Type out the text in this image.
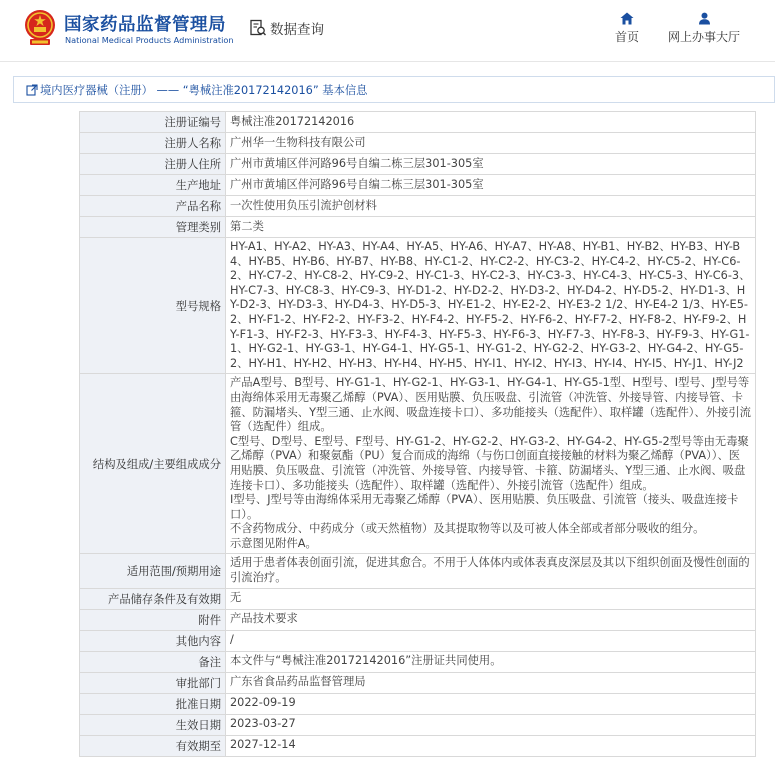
国家药品监督管理局
National Medical Products Administration
数据查询	首页	网上办事大厅
境内医疗器械（注册） —— “粤械注准20172142016” 基本信息
注册证编号	粤械注准20172142016
注册人名称	广州华一生物科技有限公司
注册人住所	广州市黄埔区伴河路96号自编二栋三层301-305室
生产地址	广州市黄埔区伴河路96号自编二栋三层301-305室
产品名称	一次性使用负压引流护创材料
管理类别	第二类
型号规格	HY-A1、HY-A2、HY-A3、HY-A4、HY-A5、HY-A6、HY-A7、HY-A8、HY-B1、HY-B2、HY-B3、HY-B4、HY-B5、HY-B6、HY-B7、HY-B8、HY-C1-2、HY-C2-2、HY-C3-2、HY-C4-2、HY-C5-2、HY-C6-2、HY-C7-2、HY-C8-2、HY-C9-2、HY-C1-3、HY-C2-3、HY-C3-3、HY-C4-3、HY-C5-3、HY-C6-3、HY-C7-3、HY-C8-3、HY-C9-3、HY-D1-2、HY-D2-2、HY-D3-2、HY-D4-2、HY-D5-2、HY-D1-3、HY-D2-3、HY-D3-3、HY-D4-3、HY-D5-3、HY-E1-2、HY-E2-2、HY-E3-2 1/2、HY-E4-2 1/3、HY-E5-2、HY-F1-2、HY-F2-2、HY-F3-2、HY-F4-2、HY-F5-2、HY-F6-2、HY-F7-2、HY-F8-2、HY-F9-2、HY-F1-3、HY-F2-3、HY-F3-3、HY-F4-3、HY-F5-3、HY-F6-3、HY-F7-3、HY-F8-3、HY-F9-3、HY-G1-1、HY-G2-1、HY-G3-1、HY-G4-1、HY-G5-1、HY-G1-2、HY-G2-2、HY-G3-2、HY-G4-2、HY-G5-2、HY-H1、HY-H2、HY-H3、HY-H4、HY-H5、HY-I1、HY-I2、HY-I3、HY-I4、HY-I5、HY-J1、HY-J2
结构及组成/主要组成成分	产品A型号、B型号、HY-G1-1、HY-G2-1、HY-G3-1、HY-G4-1、HY-G5-1型、H型号、I型号、J型号等由海绵体采用无毒聚乙烯醇（PVA）、医用贴膜、负压吸盘、引流管（冲洗管、外接导管、内接导管、卡箍、防漏堵头、Y型三通、止水阀、吸盘连接卡口）、多功能接头（选配件）、取样罐（选配件）、外接引流管（选配件）组成。
C型号、D型号、E型号、F型号、HY-G1-2、HY-G2-2、HY-G3-2、HY-G4-2、HY-G5-2型号等由无毒聚乙烯醇（PVA）和聚氨酯（PU）复合而成的海绵（与伤口创面直接接触的材料为聚乙烯醇（PVA））、医用贴膜、负压吸盘、引流管（冲洗管、外接导管、内接导管、卡箍、防漏堵头、Y型三通、止水阀、吸盘连接卡口）、多功能接头（选配件）、取样罐（选配件）、外接引流管（选配件）组成。
I型号、J型号等由海绵体采用无毒聚乙烯醇（PVA）、医用贴膜、负压吸盘、引流管（接头、吸盘连接卡口）。
不含药物成分、中药成分（或天然植物）及其提取物等以及可被人体全部或者部分吸收的组分。
示意图见附件A。
适用范围/预期用途	适用于患者体表创面引流，促进其愈合。不用于人体体内或体表真皮深层及其以下组织创面及慢性创面的引流治疗。
产品储存条件及有效期	无
附件	产品技术要求
其他内容	/
备注	本文件与“粤械注准20172142016”注册证共同使用。
审批部门	广东省食品药品监督管理局
批准日期	2022-09-19
生效日期	2023-03-27
有效期至	2027-12-14
